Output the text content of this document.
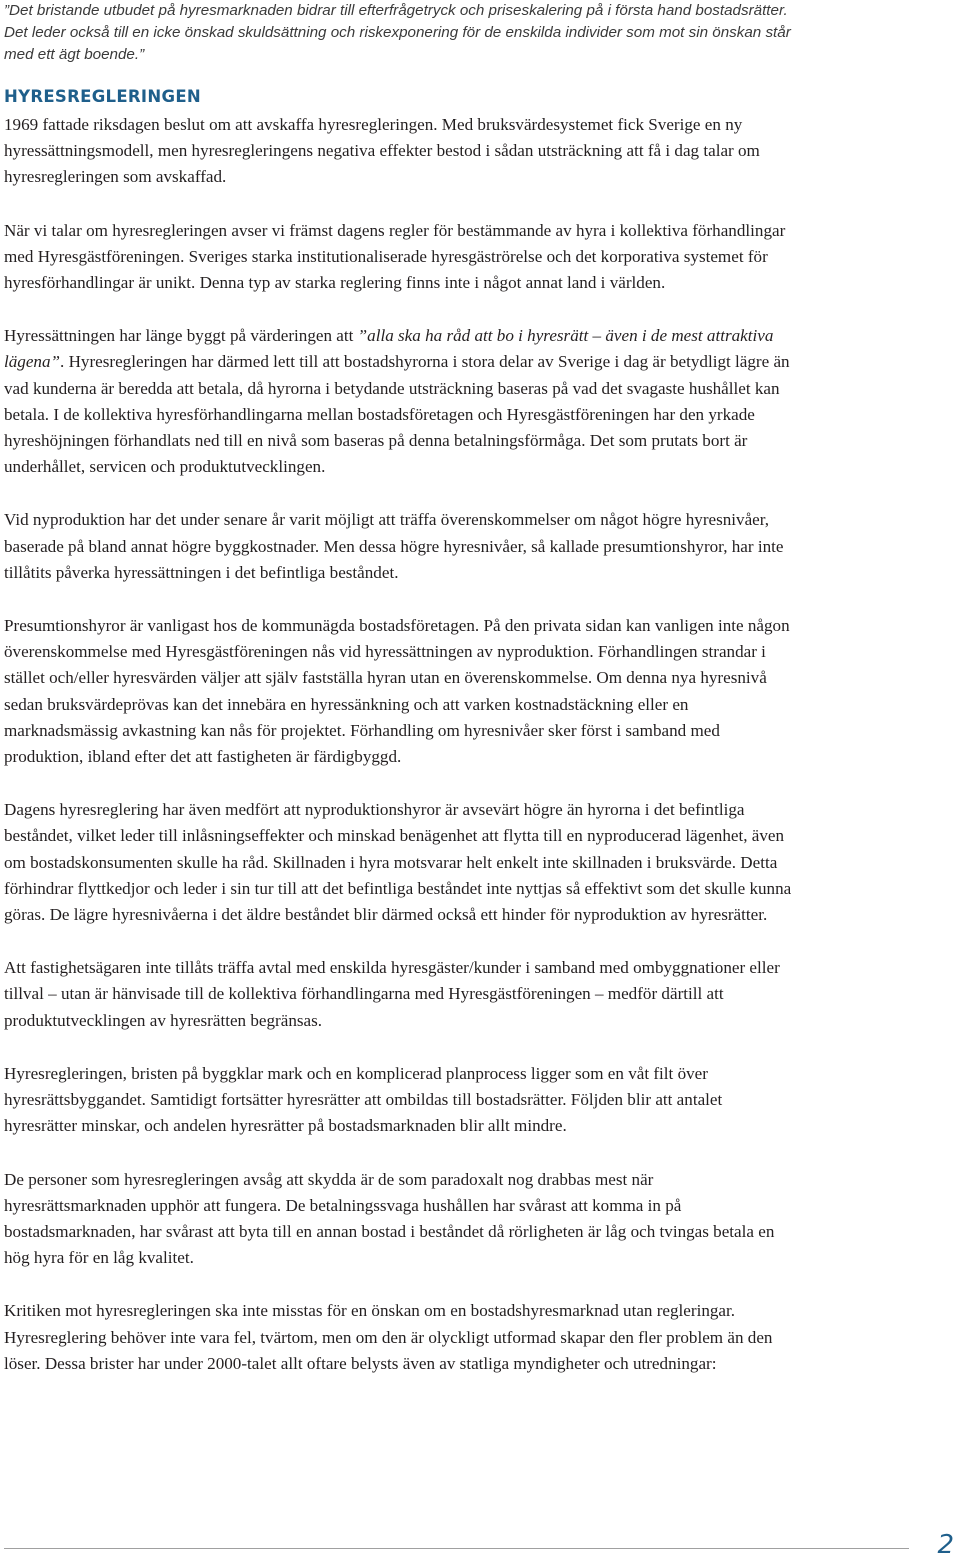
”Det bristande utbudet på hyresmarknaden bidrar till efterfrågetryck och priseskalering på i första hand bostadsrätter. Det leder också till en icke önskad skuldsättning och riskexponering för de enskilda individer som mot sin önskan står med ett ägt boende.”

HYRESREGLERINGEN

1969 fattade riksdagen beslut om att avskaffa hyresregleringen. Med bruksvärdesystemet fick Sverige en ny hyressättningsmodell, men hyresregleringens negativa effekter bestod i sådan utsträckning att få i dag talar om hyresregleringen som avskaffad.

När vi talar om hyresregleringen avser vi främst dagens regler för bestämmande av hyra i kollektiva förhandlingar med Hyresgästföreningen. Sveriges starka institutionaliserade hyresgäströrelse och det korporativa systemet för hyresförhandlingar är unikt. Denna typ av starka reglering finns inte i något annat land i världen.

Hyressättningen har länge byggt på värderingen att ”alla ska ha råd att bo i hyresrätt – även i de mest attraktiva lägena”. Hyresregleringen har därmed lett till att bostadshyrorna i stora delar av Sverige i dag är betydligt lägre än vad kunderna är beredda att betala, då hyrorna i betydande utsträckning baseras på vad det svagaste hushållet kan betala. I de kollektiva hyresförhandlingarna mellan bostadsföretagen och Hyresgästföreningen har den yrkade hyreshöjningen förhandlats ned till en nivå som baseras på denna betalningsförmåga. Det som prutats bort är underhållet, servicen och produktutvecklingen.

Vid nyproduktion har det under senare år varit möjligt att träffa överenskommelser om något högre hyresnivåer, baserade på bland annat högre byggkostnader. Men dessa högre hyresnivåer, så kallade presumtionshyror, har inte tillåtits påverka hyressättningen i det befintliga beståndet.

Presumtionshyror är vanligast hos de kommunägda bostadsföretagen. På den privata sidan kan vanligen inte någon överenskommelse med Hyresgästföreningen nås vid hyressättningen av nyproduktion. Förhandlingen strandar i stället och/eller hyresvärden väljer att själv fastställa hyran utan en överenskommelse. Om denna nya hyresnivå sedan bruksvärdeprövas kan det innebära en hyressänkning och att varken kostnadstäckning eller en marknadsmässig avkastning kan nås för projektet. Förhandling om hyresnivåer sker först i samband med produktion, ibland efter det att fastigheten är färdigbyggd.

Dagens hyresreglering har även medfört att nyproduktionshyror är avsevärt högre än hyrorna i det befintliga beståndet, vilket leder till inlåsningseffekter och minskad benägenhet att flytta till en nyproducerad lägenhet, även om bostadskonsumenten skulle ha råd. Skillnaden i hyra motsvarar helt enkelt inte skillnaden i bruksvärde. Detta förhindrar flyttkedjor och leder i sin tur till att det befintliga beståndet inte nyttjas så effektivt som det skulle kunna göras. De lägre hyresnivåerna i det äldre beståndet blir därmed också ett hinder för nyproduktion av hyresrätter.

Att fastighetsägaren inte tillåts träffa avtal med enskilda hyresgäster/kunder i samband med ombyggnationer eller tillval – utan är hänvisade till de kollektiva förhandlingarna med Hyresgästföreningen – medför därtill att produktutvecklingen av hyresrätten begränsas.

Hyresregleringen, bristen på byggklar mark och en komplicerad planprocess ligger som en våt filt över hyresrättsbyggandet. Samtidigt fortsätter hyresrätter att ombildas till bostadsrätter. Följden blir att antalet hyresrätter minskar, och andelen hyresrätter på bostadsmarknaden blir allt mindre.

De personer som hyresregleringen avsåg att skydda är de som paradoxalt nog drabbas mest när hyresrättsmarknaden upphör att fungera. De betalningssvaga hushållen har svårast att komma in på bostadsmarknaden, har svårast att byta till en annan bostad i beståndet då rörligheten är låg och tvingas betala en hög hyra för en låg kvalitet.

Kritiken mot hyresregleringen ska inte misstas för en önskan om en bostadshyresmarknad utan regleringar. Hyresreglering behöver inte vara fel, tvärtom, men om den är olyckligt utformad skapar den fler problem än den löser. Dessa brister har under 2000-talet allt oftare belysts även av statliga myndigheter och utredningar:

2
